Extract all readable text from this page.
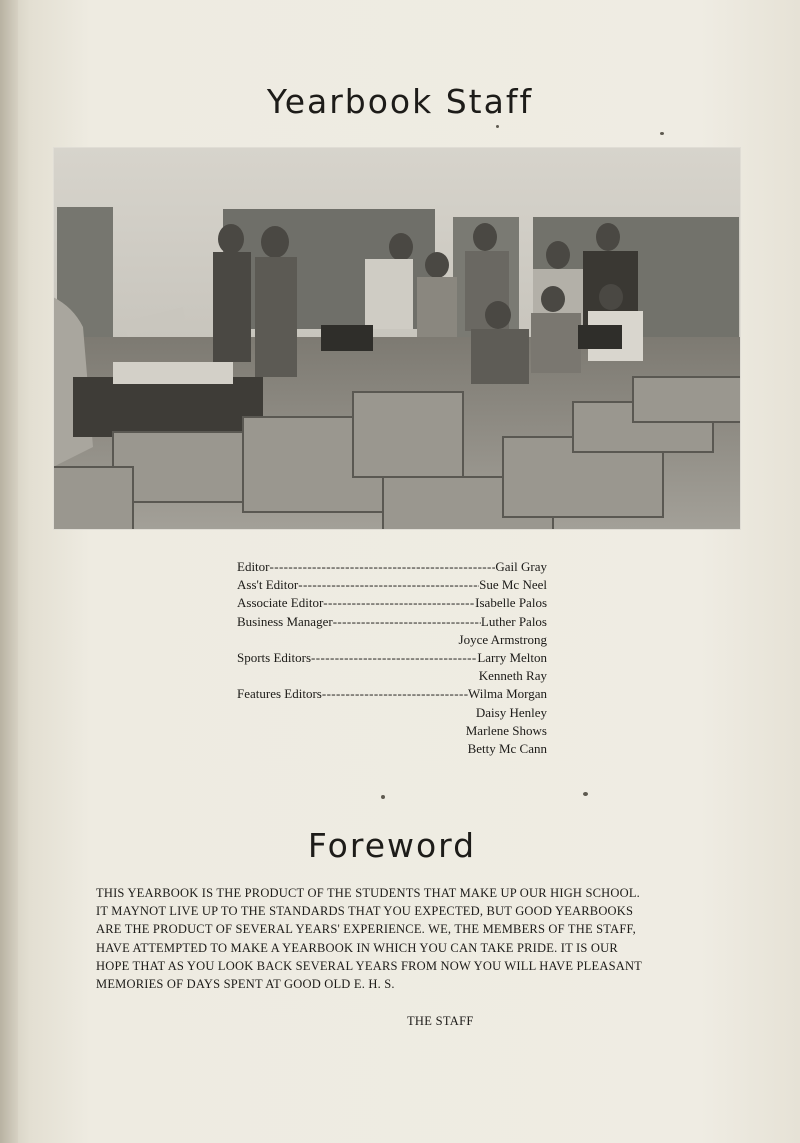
Yearbook Staff
Editor -----	Gail Gray
Ass't Editor -----	Sue Mc Neel
Associate Editor -----	Isabelle Palos
Business Manager -----	Luther Palos
Joyce Armstrong
Sports Editors -----	Larry Melton
Kenneth Ray
Features Editors -----	Wilma Morgan
Daisy Henley
Marlene Shows
Betty Mc Cann
Foreword
THIS YEARBOOK IS THE PRODUCT OF THE STUDENTS THAT MAKE UP OUR HIGH SCHOOL.
IT MAYNOT LIVE UP TO THE STANDARDS THAT YOU EXPECTED, BUT GOOD YEARBOOKS
ARE THE PRODUCT OF SEVERAL YEARS' EXPERIENCE. WE, THE MEMBERS OF THE STAFF,
HAVE ATTEMPTED TO MAKE A YEARBOOK IN WHICH YOU CAN TAKE PRIDE. IT IS OUR
HOPE THAT AS YOU LOOK BACK SEVERAL YEARS FROM NOW YOU WILL HAVE PLEASANT
MEMORIES OF DAYS SPENT AT GOOD OLD E. H. S.
THE STAFF
